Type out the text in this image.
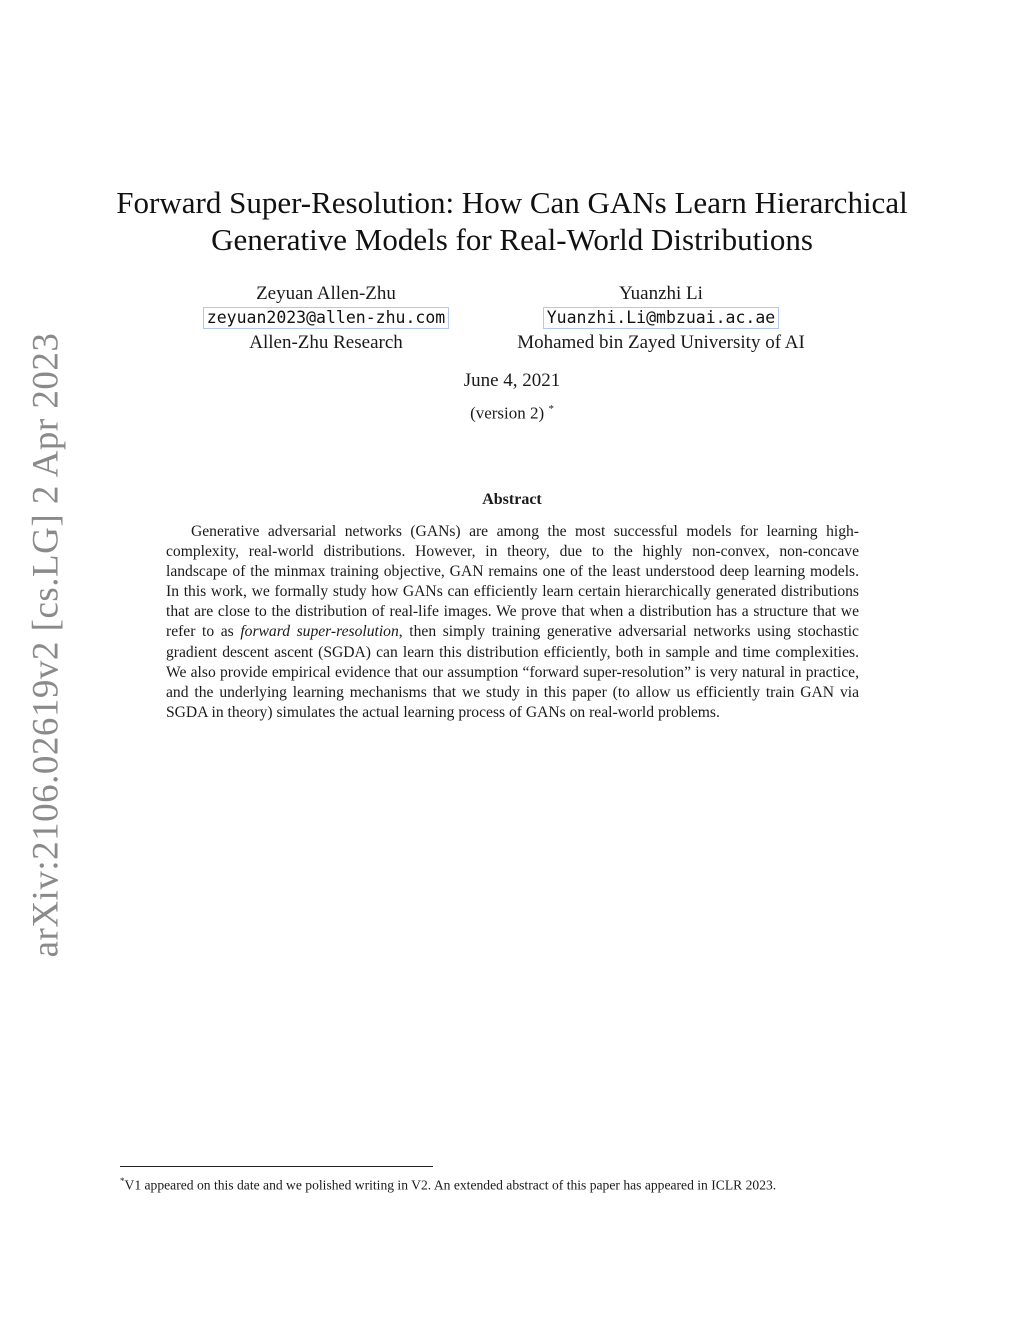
arXiv:2106.02619v2 [cs.LG] 2 Apr 2023
Forward Super-Resolution: How Can GANs Learn Hierarchical
Generative Models for Real-World Distributions
Zeyuan Allen-Zhu
zeyuan2023@allen-zhu.com
Allen-Zhu Research
Yuanzhi Li
Yuanzhi.Li@mbzuai.ac.ae
Mohamed bin Zayed University of AI
June 4, 2021
(version 2) *
Abstract
Generative adversarial networks (GANs) are among the most successful models for learning high-complexity, real-world distributions. However, in theory, due to the highly non-convex, non-concave landscape of the minmax training objective, GAN remains one of the least understood deep learning models. In this work, we formally study how GANs can efficiently learn certain hierarchically generated distributions that are close to the distribution of real-life images. We prove that when a distribution has a structure that we refer to as forward super-resolution, then simply training generative adversarial networks using stochastic gradient descent ascent (SGDA) can learn this distribution efficiently, both in sample and time complexities. We also provide empirical evidence that our assumption “forward super-resolution” is very natural in practice, and the underlying learning mechanisms that we study in this paper (to allow us efficiently train GAN via SGDA in theory) simulates the actual learning process of GANs on real-world problems.
*V1 appeared on this date and we polished writing in V2. An extended abstract of this paper has appeared in ICLR 2023.
